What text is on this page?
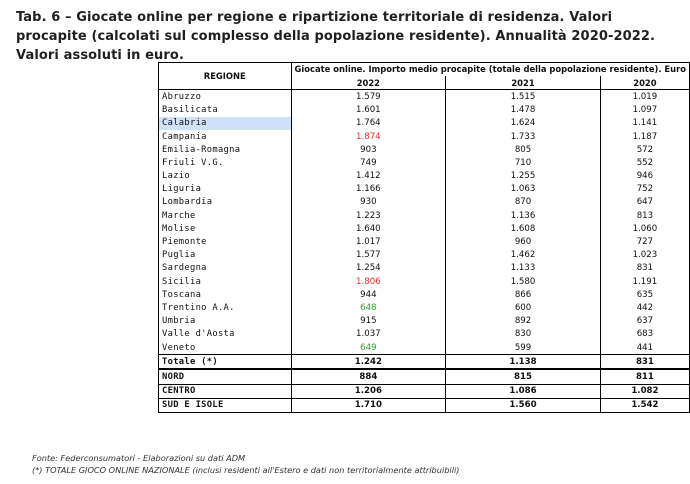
Tab. 6 – Giocate online per regione e ripartizione territoriale di residenza. Valori procapite (calcolati sul complesso della popolazione residente). Annualità 2020-2022. Valori assoluti in euro.
REGIONE	Giocate online. Importo medio procapite (totale della popolazione residente). Euro		
	2022	2021	2020
Abruzzo	1.579	1.515	1.019
Basilicata	1.601	1.478	1.097
Calabria	1.764	1.624	1.141
Campania	1.874	1.733	1.187
Emilia-Romagna	903	805	572
Friuli V.G.	749	710	552
Lazio	1.412	1.255	946
Liguria	1.166	1.063	752
Lombardia	930	870	647
Marche	1.223	1.136	813
Molise	1.640	1.608	1.060
Piemonte	1.017	960	727
Puglia	1.577	1.462	1.023
Sardegna	1.254	1.133	831
Sicilia	1.806	1.580	1.191
Toscana	944	866	635
Trentino A.A.	648	600	442
Umbria	915	892	637
Valle d'Aosta	1.037	830	683
Veneto	649	599	441
Totale (*)	1.242	1.138	831
NORD	884	815	811
CENTRO	1.206	1.086	1.082
SUD E ISOLE	1.710	1.560	1.542
Fonte: Federconsumatori - Elaborazioni su dati ADM
(*) TOTALE GIOCO ONLINE NAZIONALE (inclusi residenti all'Estero e dati non territorialmente attribuibili)
